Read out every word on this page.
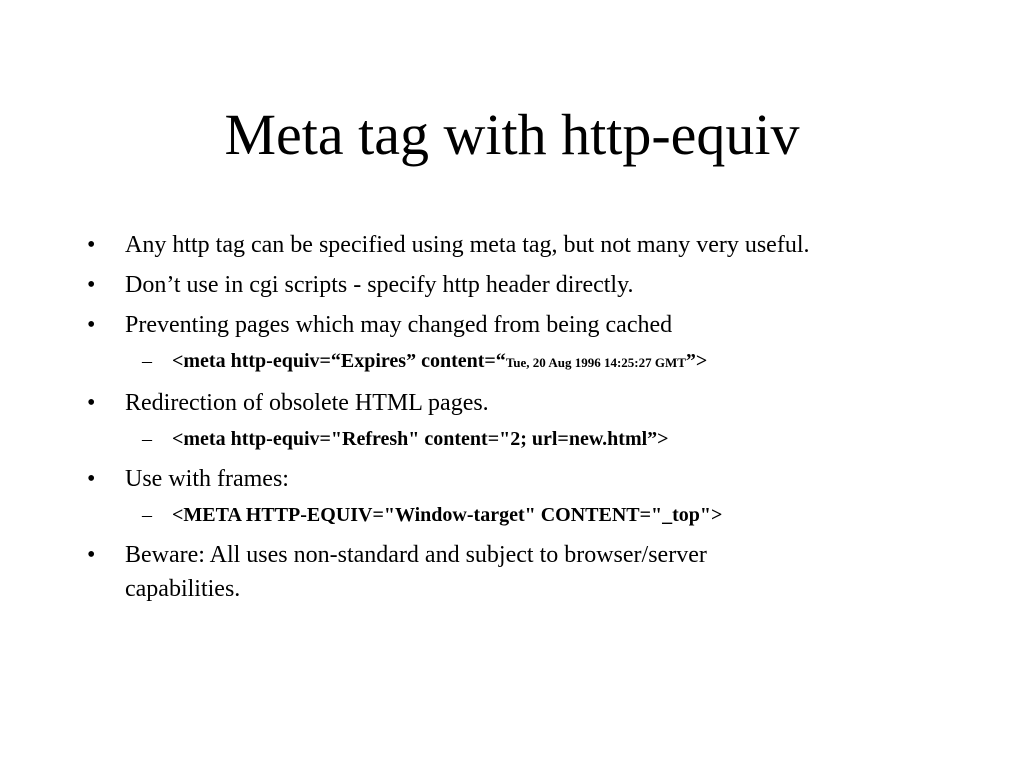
Meta tag with http-equiv
• Any http tag can be specified using meta tag, but not many very useful.
• Don’t use in cgi scripts - specify http header directly.
• Preventing pages which may changed from being cached
– <meta http-equiv=“Expires” content=“Tue, 20 Aug 1996 14:25:27 GMT”>
• Redirection of obsolete HTML pages.
– <meta http-equiv="Refresh" content="2; url=new.html”>
• Use with frames:
– <META HTTP-EQUIV="Window-target" CONTENT="_top">
• Beware: All uses non-standard and subject to browser/server capabilities.
